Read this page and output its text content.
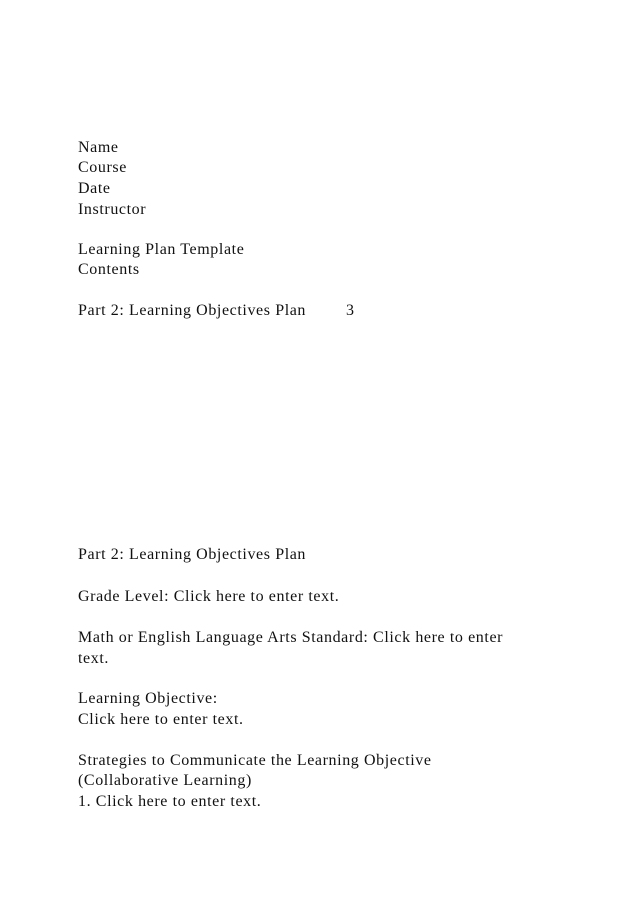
Name

Course

Date

Instructor

Learning Plan Template

Contents

Part 2: Learning Objectives Plan 3

Part 2: Learning Objectives Plan

Grade Level: Click here to enter text.

Math or English Language Arts Standard: Click here to enter

text.

Learning Objective:

Click here to enter text.

Strategies to Communicate the Learning Objective

(Collaborative Learning)

1. Click here to enter text.
